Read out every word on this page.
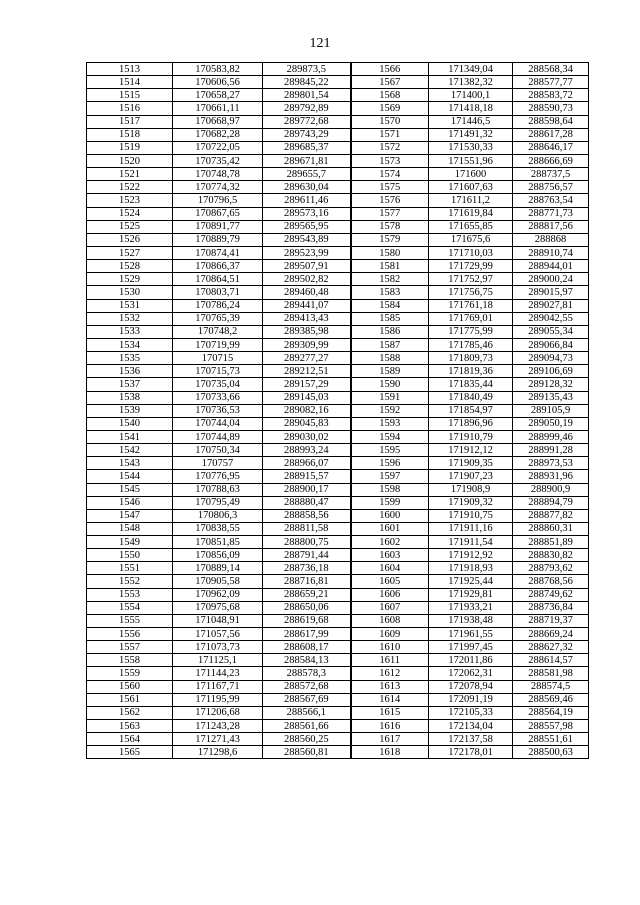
121
1513	170583,82	289873,5	1566	171349,04	288568,34
1514	170606,56	289845,22	1567	171382,32	288577,77
1515	170658,27	289801,54	1568	171400,1	288583,72
1516	170661,11	289792,89	1569	171418,18	288590,73
1517	170668,97	289772,68	1570	171446,5	288598,64
1518	170682,28	289743,29	1571	171491,32	288617,28
1519	170722,05	289685,37	1572	171530,33	288646,17
1520	170735,42	289671,81	1573	171551,96	288666,69
1521	170748,78	289655,7	1574	171600	288737,5
1522	170774,32	289630,04	1575	171607,63	288756,57
1523	170796,5	289611,46	1576	171611,2	288763,54
1524	170867,65	289573,16	1577	171619,84	288771,73
1525	170891,77	289565,95	1578	171655,85	288817,56
1526	170889,79	289543,89	1579	171675,6	288868
1527	170874,41	289523,99	1580	171710,03	288910,74
1528	170866,37	289507,91	1581	171729,99	288944,01
1529	170864,51	289502,82	1582	171752,97	289000,24
1530	170803,71	289460,48	1583	171756,75	289015,97
1531	170786,24	289441,07	1584	171761,18	289027,81
1532	170765,39	289413,43	1585	171769,01	289042,55
1533	170748,2	289385,98	1586	171775,99	289055,34
1534	170719,99	289309,99	1587	171785,46	289066,84
1535	170715	289277,27	1588	171809,73	289094,73
1536	170715,73	289212,51	1589	171819,36	289106,69
1537	170735,04	289157,29	1590	171835,44	289128,32
1538	170733,66	289145,03	1591	171840,49	289135,43
1539	170736,53	289082,16	1592	171854,97	289105,9
1540	170744,04	289045,83	1593	171896,96	289050,19
1541	170744,89	289030,02	1594	171910,79	288999,46
1542	170750,34	288993,24	1595	171912,12	288991,28
1543	170757	288966,07	1596	171909,35	288973,53
1544	170776,95	288915,57	1597	171907,23	288931,96
1545	170788,63	288900,17	1598	171908,9	288900,9
1546	170795,49	288880,47	1599	171909,32	288894,79
1547	170806,3	288858,56	1600	171910,75	288877,82
1548	170838,55	288811,58	1601	171911,16	288860,31
1549	170851,85	288800,75	1602	171911,54	288851,89
1550	170856,09	288791,44	1603	171912,92	288830,82
1551	170889,14	288736,18	1604	171918,93	288793,62
1552	170905,58	288716,81	1605	171925,44	288768,56
1553	170962,09	288659,21	1606	171929,81	288749,62
1554	170975,68	288650,06	1607	171933,21	288736,84
1555	171048,91	288619,68	1608	171938,48	288719,37
1556	171057,56	288617,99	1609	171961,55	288669,24
1557	171073,73	288608,17	1610	171997,45	288627,32
1558	171125,1	288584,13	1611	172011,86	288614,57
1559	171144,23	288578,3	1612	172062,31	288581,98
1560	171167,71	288572,68	1613	172078,94	288574,5
1561	171195,99	288567,69	1614	172091,19	288569,46
1562	171206,68	288566,1	1615	172105,33	288564,19
1563	171243,28	288561,66	1616	172134,04	288557,98
1564	171271,43	288560,25	1617	172137,58	288551,61
1565	171298,6	288560,81	1618	172178,01	288500,63
